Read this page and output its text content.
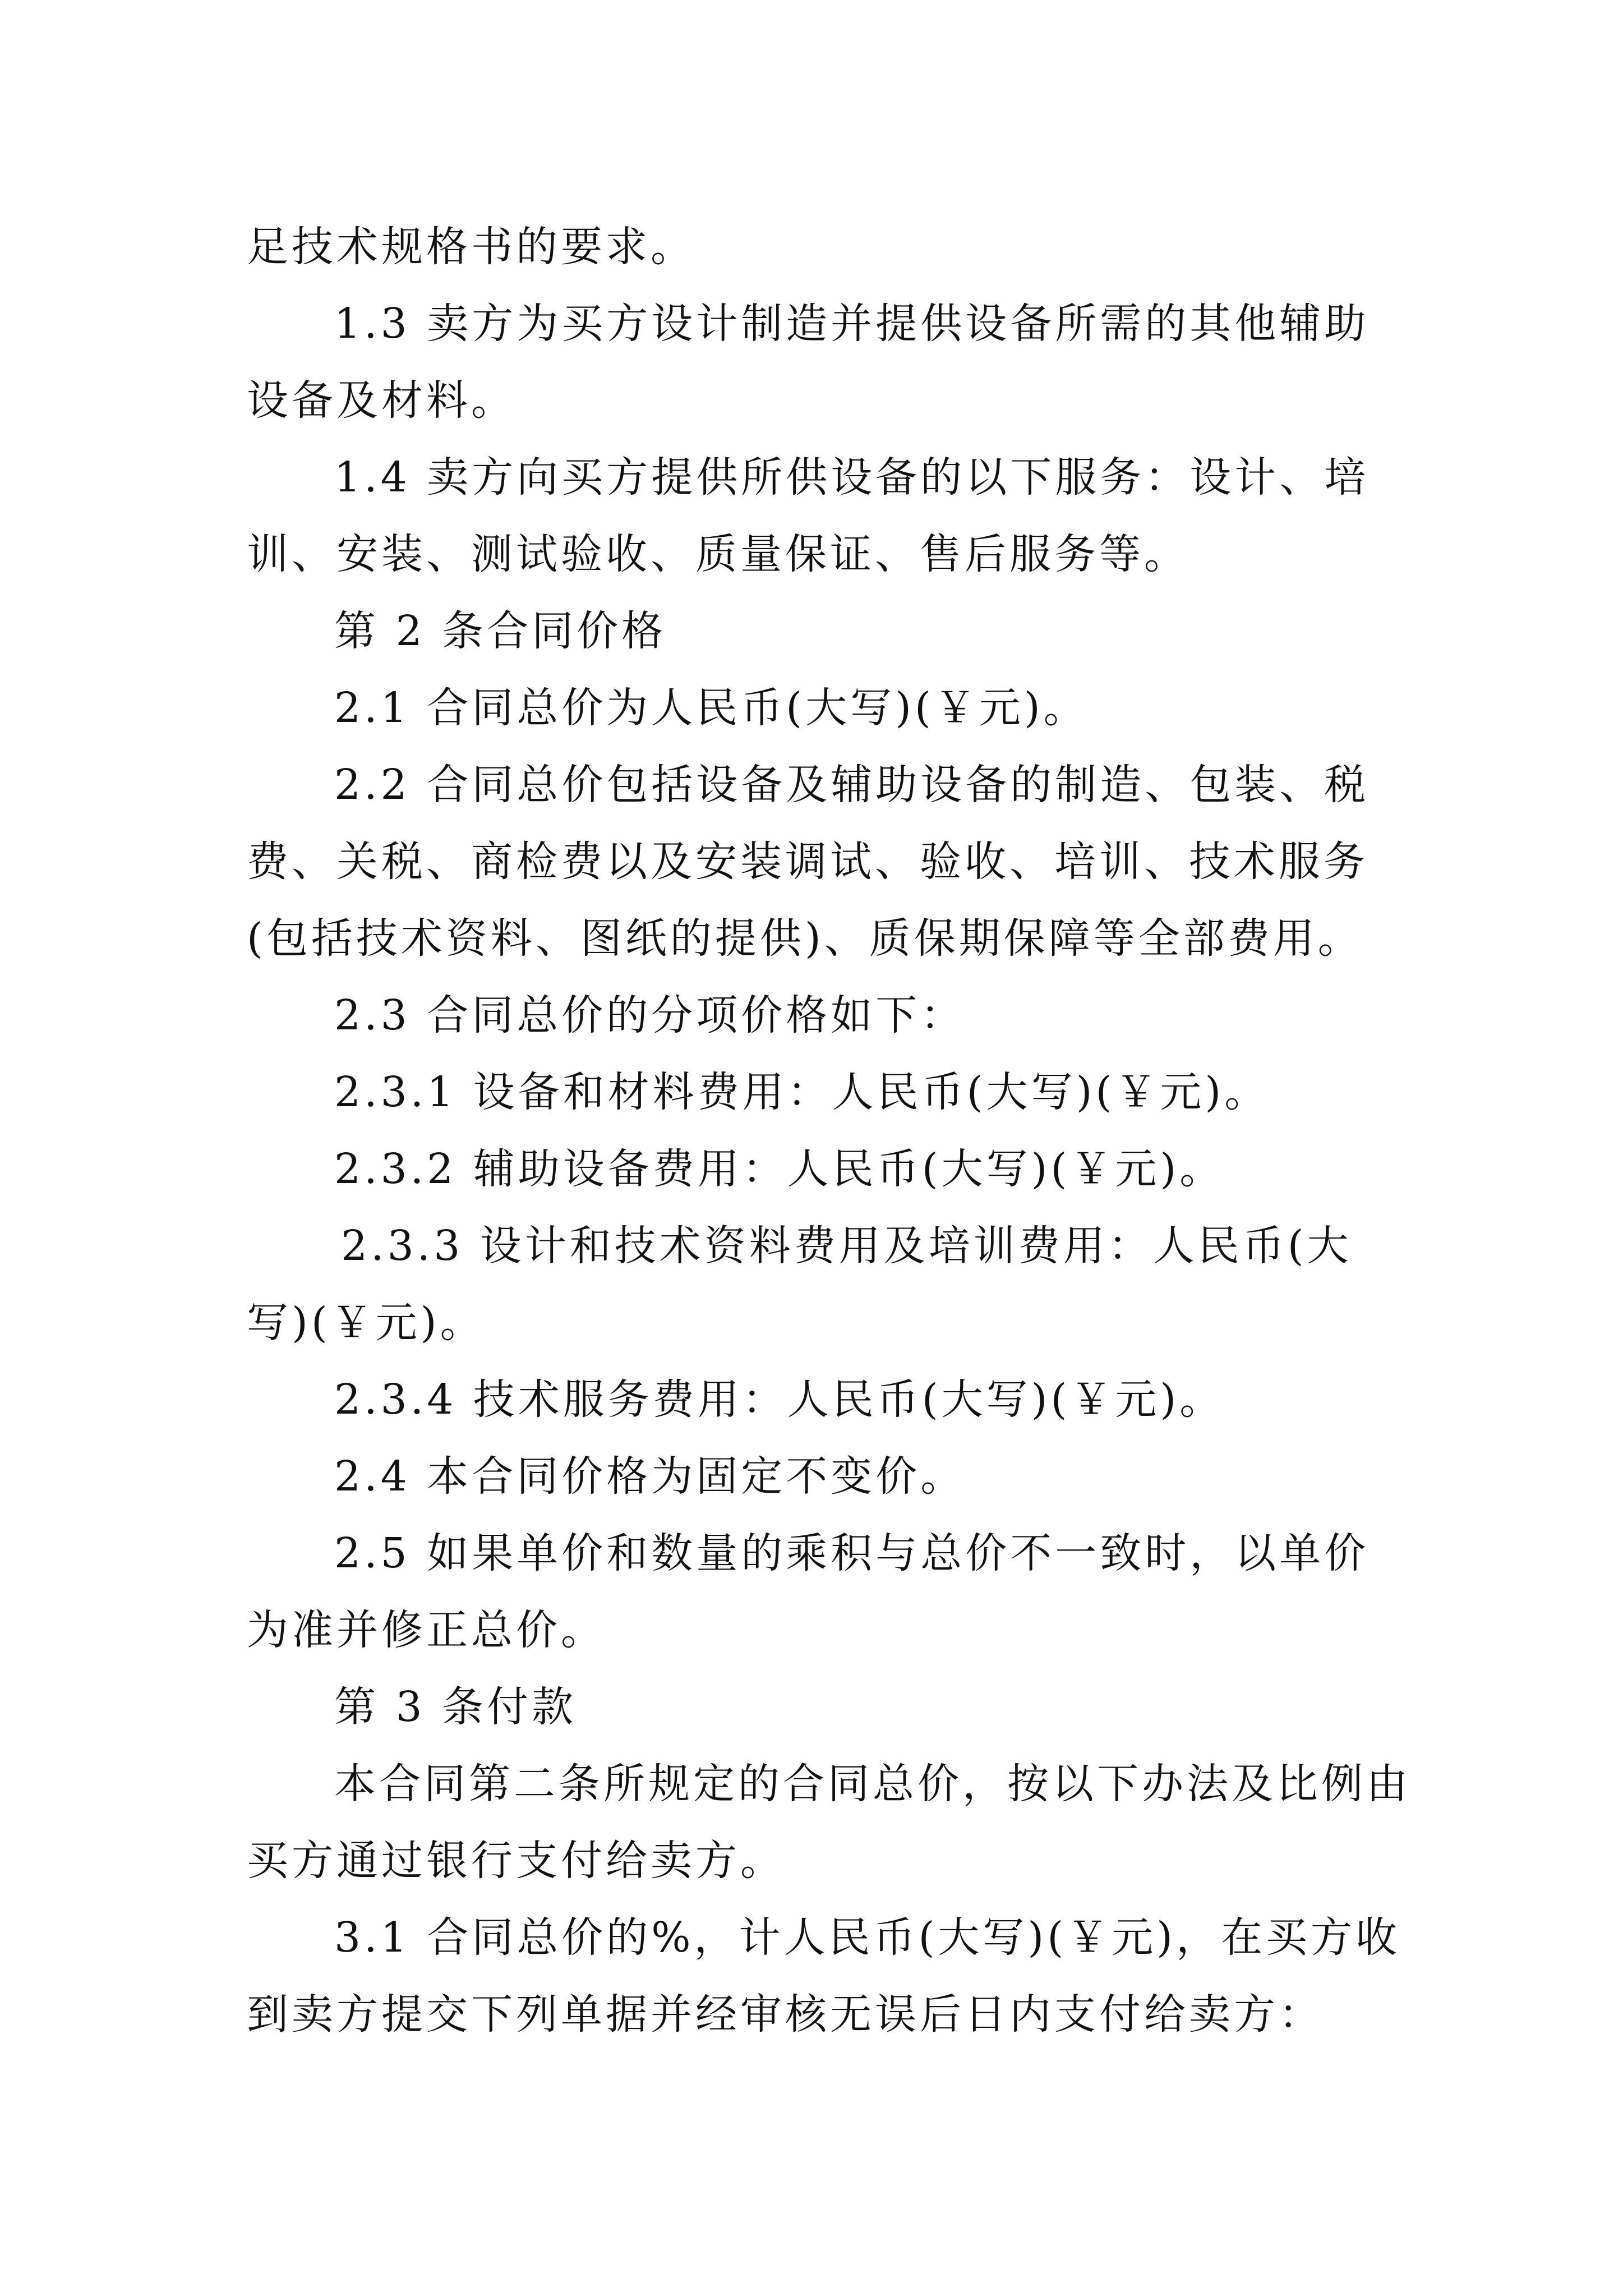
足技术规格书的要求。

1.3 卖方为买方设计制造并提供设备所需的其他辅助设备及材料。

1.4 卖方向买方提供所供设备的以下服务：设计、培训、安装、测试验收、质量保证、售后服务等。

第 2 条合同价格

2.1 合同总价为人民币(大写)(￥元)。

2.2 合同总价包括设备及辅助设备的制造、包装、税费、关税、商检费以及安装调试、验收、培训、技术服务(包括技术资料、图纸的提供)、质保期保障等全部费用。

2.3 合同总价的分项价格如下：

2.3.1 设备和材料费用：人民币(大写)(￥元)。

2.3.2 辅助设备费用：人民币(大写)(￥元)。

2.3.3 设计和技术资料费用及培训费用：人民币(大写)(￥元)。

2.3.4 技术服务费用：人民币(大写)(￥元)。

2.4 本合同价格为固定不变价。

2.5 如果单价和数量的乘积与总价不一致时，以单价为准并修正总价。

第 3 条付款

本合同第二条所规定的合同总价，按以下办法及比例由买方通过银行支付给卖方。

3.1 合同总价的%，计人民币(大写)(￥元)，在买方收到卖方提交下列单据并经审核无误后日内支付给卖方：
